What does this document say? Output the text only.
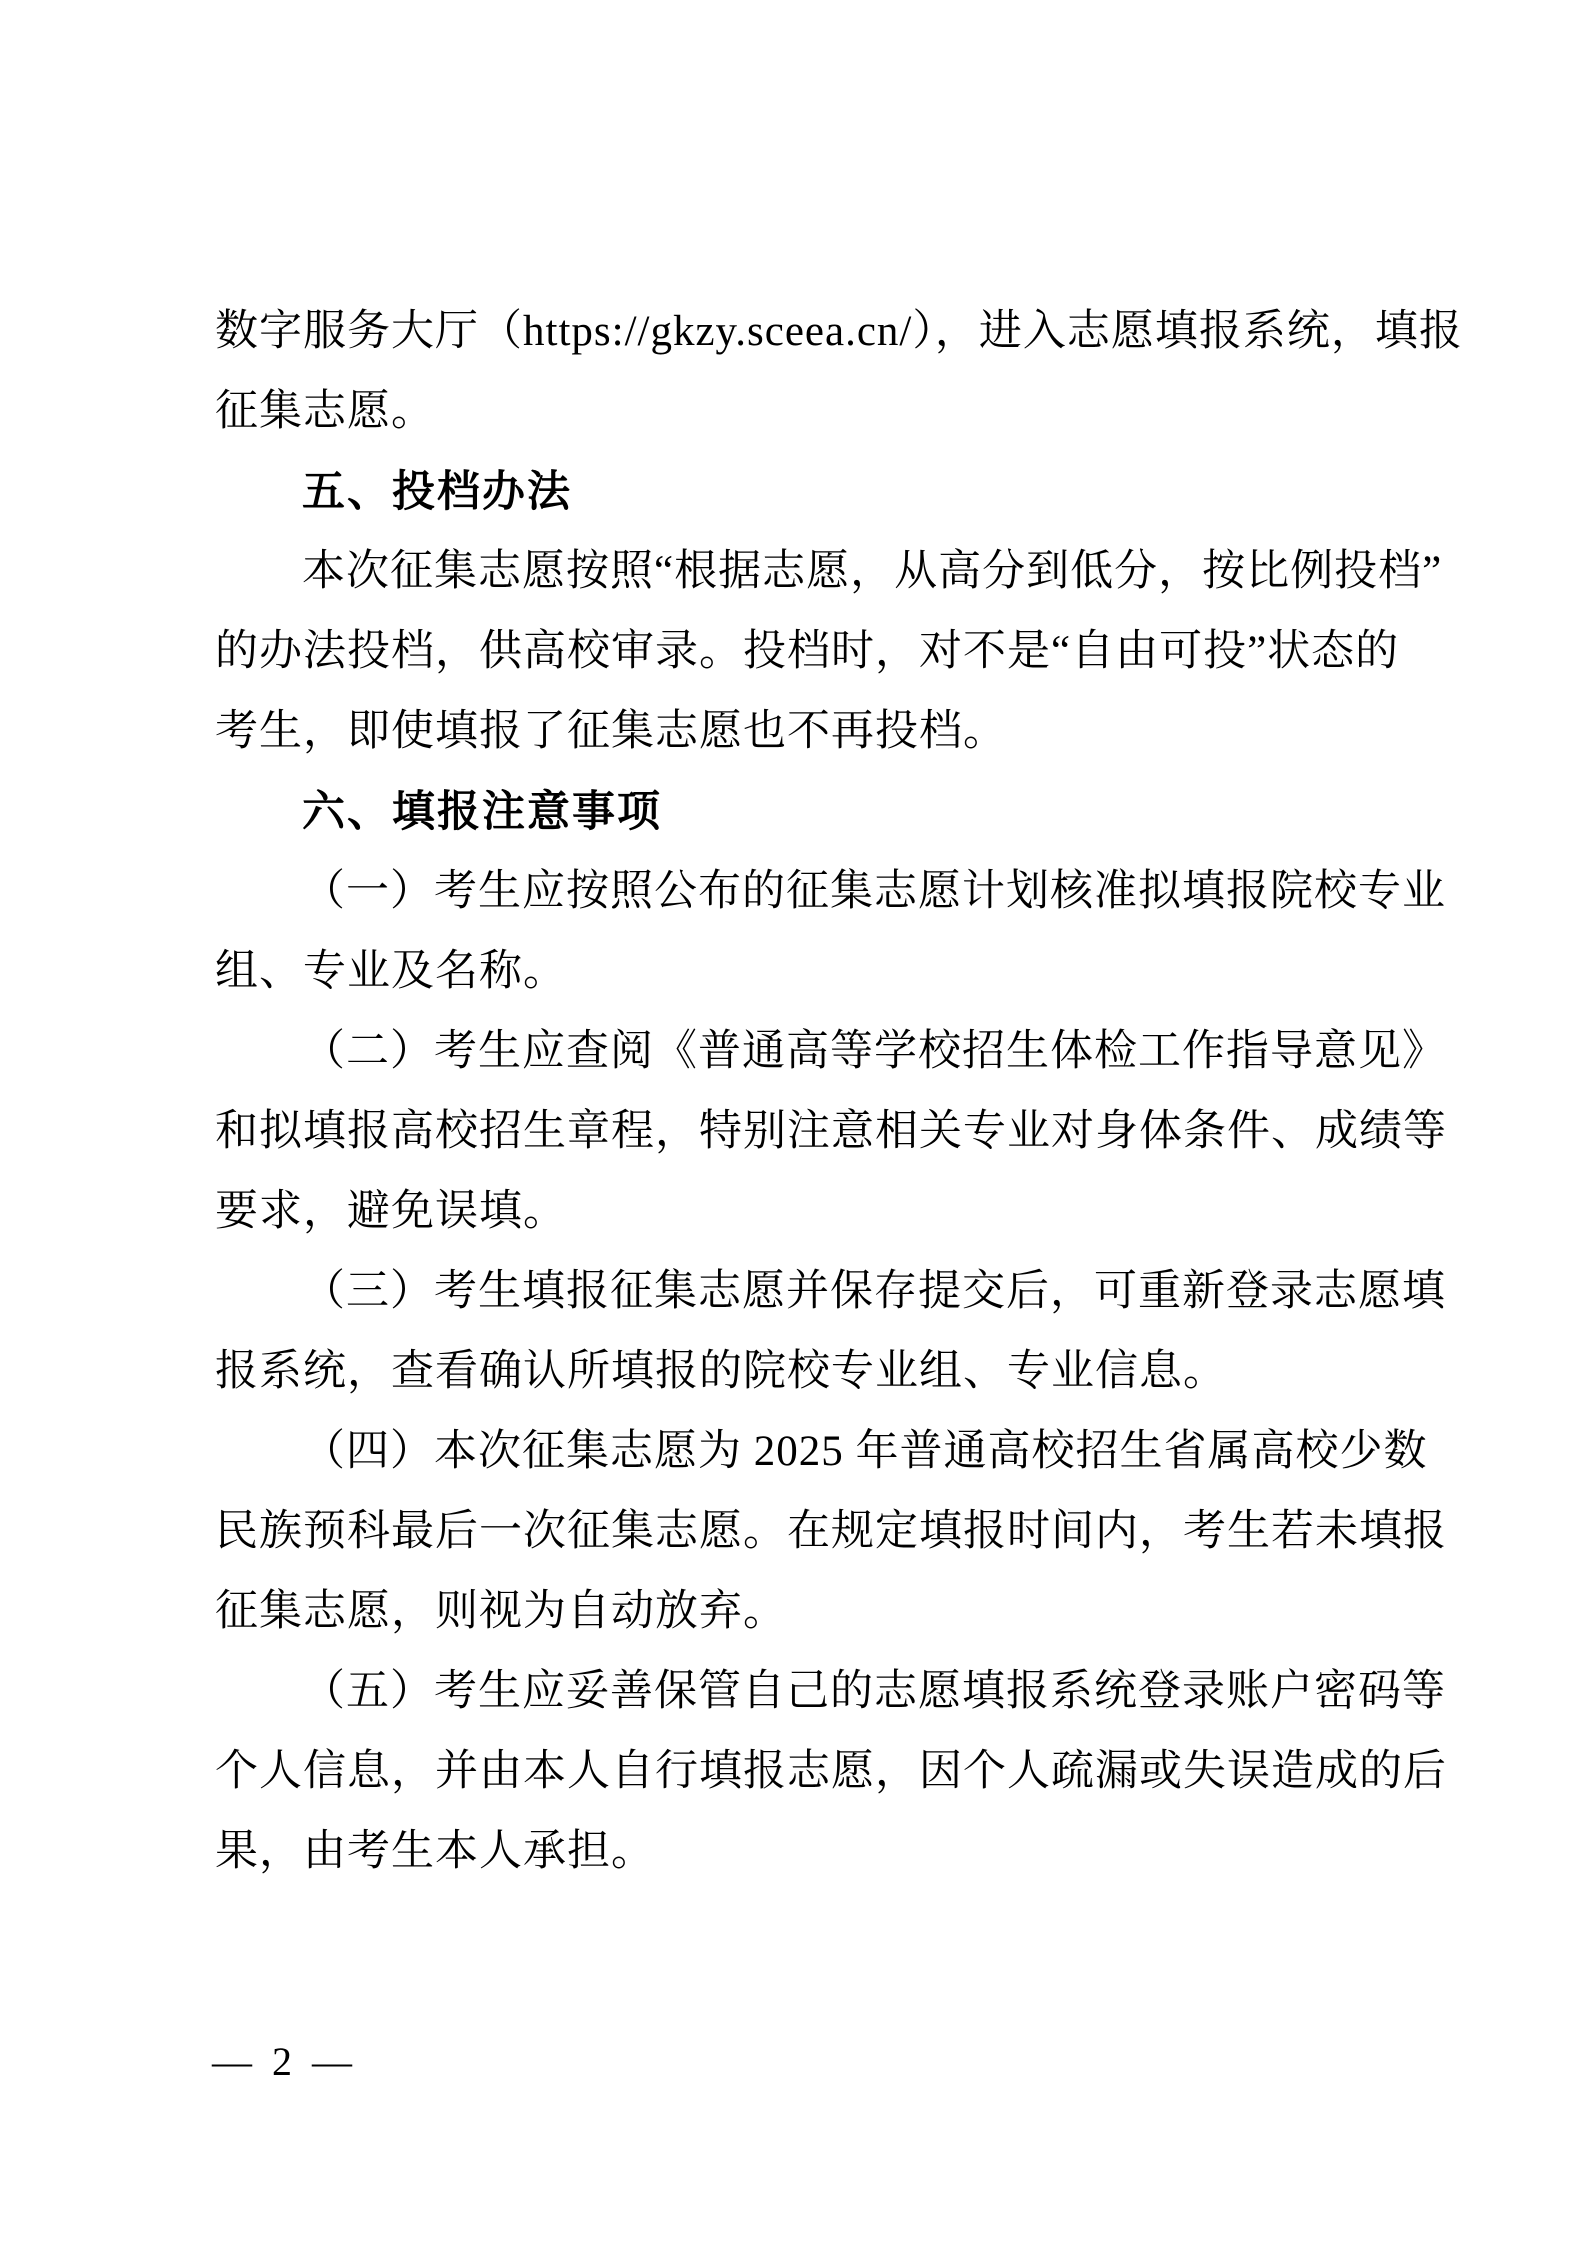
数字服务大厅（https://gkzy.sceea.cn/），进入志愿填报系统，填报
征集志愿。
五、投档办法
本次征集志愿按照“根据志愿，从高分到低分，按比例投档”
的办法投档，供高校审录。投档时，对不是“自由可投”状态的
考生，即使填报了征集志愿也不再投档。
六、填报注意事项
（一）考生应按照公布的征集志愿计划核准拟填报院校专业
组、专业及名称。
（二）考生应查阅《普通高等学校招生体检工作指导意见》
和拟填报高校招生章程，特别注意相关专业对身体条件、成绩等
要求，避免误填。
（三）考生填报征集志愿并保存提交后，可重新登录志愿填
报系统，查看确认所填报的院校专业组、专业信息。
（四）本次征集志愿为 2025 年普通高校招生省属高校少数
民族预科最后一次征集志愿。在规定填报时间内，考生若未填报
征集志愿，则视为自动放弃。
（五）考生应妥善保管自己的志愿填报系统登录账户密码等
个人信息，并由本人自行填报志愿，因个人疏漏或失误造成的后
果，由考生本人承担。
— 2 —
